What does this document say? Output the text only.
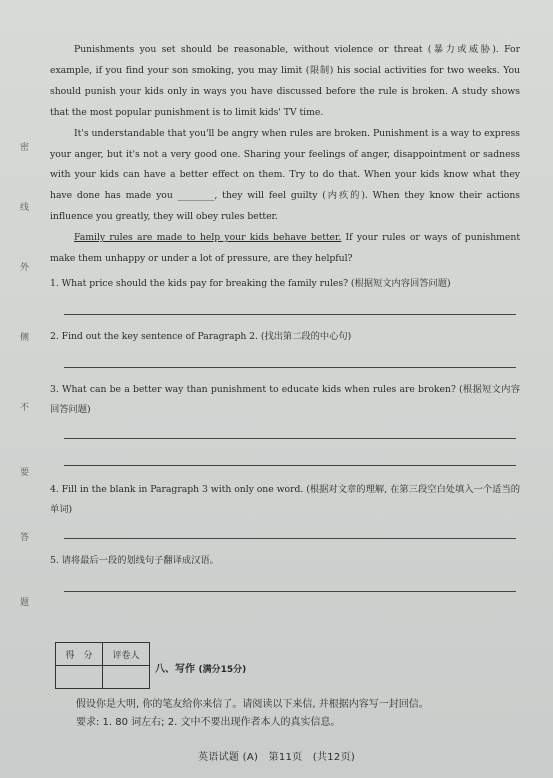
密
线
外
侧
不
要
答
题

Punishments you set should be reasonable, without violence or threat (暴力或威胁). For example, if you find your son smoking, you may limit (限制) his social activities for two weeks. You should punish your kids only in ways you have discussed before the rule is broken. A study shows that the most popular punishment is to limit kids' TV time.

It's understandable that you'll be angry when rules are broken. Punishment is a way to express your anger, but it's not a very good one. Sharing your feelings of anger, disappointment or sadness with your kids can have a better effect on them. Try to do that. When your kids know what they have done has made you ________, they will feel guilty (内疚的). When they know their actions influence you greatly, they will obey rules better.

Family rules are made to help your kids behave better. If your rules or ways of punishment make them unhappy or under a lot of pressure, are they helpful?

1. What price should the kids pay for breaking the family rules? (根据短文内容回答问题)

2. Find out the key sentence of Paragraph 2. (找出第二段的中心句)

3. What can be a better way than punishment to educate kids when rules are broken? (根据短文内容回答问题)

4. Fill in the blank in Paragraph 3 with only one word. (根据对文章的理解, 在第三段空白处填入一个适当的单词)

5. 请将最后一段的划线句子翻译成汉语。

得　分	评卷人

八、写作 (满分15分)
假设你是大明, 你的笔友给你来信了。请阅读以下来信, 并根据内容写一封回信。
要求: 1. 80 词左右; 2. 文中不要出现作者本人的真实信息。
英语试题 (A)　第11页　(共12页)
